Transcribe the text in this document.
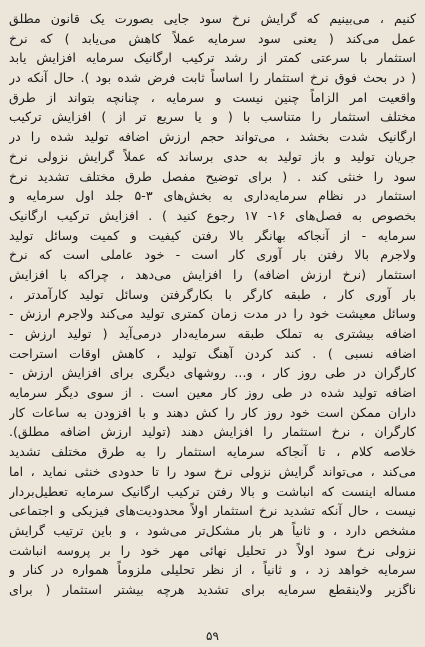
کنیم ، می‌بینیم که گرایش نرخ سود جایی بصورت یک قانون مطلق
عمل می‌کند ( یعنی سود سرمایه عملاً کاهش می‌یابد ) که نرخ
استثمار با سرعتی کمتر از رشد ترکیب ارگانیک سرمایه افزایش یابد
( در بحث فوق نرخ استثمار را اساساً ثابت فرض شده بود ). حال آنکه در
واقعیت امر الزاماً چنین نیست و سرمایه ، چنانچه بتواند از طرق
مختلف استثمار را متناسب با ( و یا سریع تر از ) افزایش ترکیب
ارگانیک شدت بخشد ، می‌تواند حجم ارزش اضافه تولید شده را در
جریان تولید و باز تولید به حدی برساند که عملاً گرایش نزولی نرخ
سود را خنثی کند . ( برای توضیح مفصل طرق مختلف تشدید نرخ
استثمار در نظام سرمایه‌داری به بخش‌های ۳-۵ جلد اول سرمایه و
بخصوص به فصل‌های ۱۶- ۱۷ رجوع کنید ) . افزایش ترکیب ارگانیک
سرمایه - از آنجاکه بهانگر بالا رفتن کیفیت و کمیت وسائل تولید
ولاجرم بالا رفتن بار آوری کار است - خود عاملی است که نرخ
استثمار (نرخ ارزش اضافه) را افزایش می‌دهد ، چراکه با افزایش
بار آوری کار ، طبقه کارگر با بکارگرفتن وسائل تولید کارآمدتر ،
وسائل معیشت خود را در مدت زمان کمتری تولید می‌کند ولاجرم ارزش -
اضافه بیشتری به تملک طبقه سرمایه‌دار درمی‌آید ( تولید ارزش -
اضافه نسبی ) . کند کردن آهنگ تولید ، کاهش اوقات استراحت
کارگران در طی روز کار ، و... روشهای دیگری برای افزایش ارزش -
اضافه تولید شده در طی روز کار معین است . از سوی دیگر سرمایه
داران ممکن است خود روز کار را کش دهند و با افزودن به ساعات کار
کارگران ، نرخ استثمار را افزایش دهند (تولید ارزش اضافه مطلق).
خلاصه کلام ، تا آنجاکه سرمایه استثمار را به طرق مختلف تشدید
می‌کند ، می‌تواند گرایش نزولی نرخ سود را تا حدودی خنثی نماید ، اما
مساله اینست که انباشت و بالا رفتن ترکیب ارگانیک سرمایه تعطیل‌بردار
نیست ، حال آنکه تشدید نرخ استثمار اولاً محدودیت‌های فیزیکی و اجتماعی
مشخص دارد ، و ثانیاً هر بار مشکل‌تر می‌شود ، و باین ترتیب گرایش
نزولی نرخ سود اولاً در تحلیل نهائی مهر خود را بر پروسه انباشت
سرمایه خواهد زد ، و ثانیاً ، از نظر تحلیلی ملزوماً همواره در کنار و
ناگزیر ولاینقطع سرمایه برای تشدید هرچه بیشتر استثمار ( برای
۵۹
